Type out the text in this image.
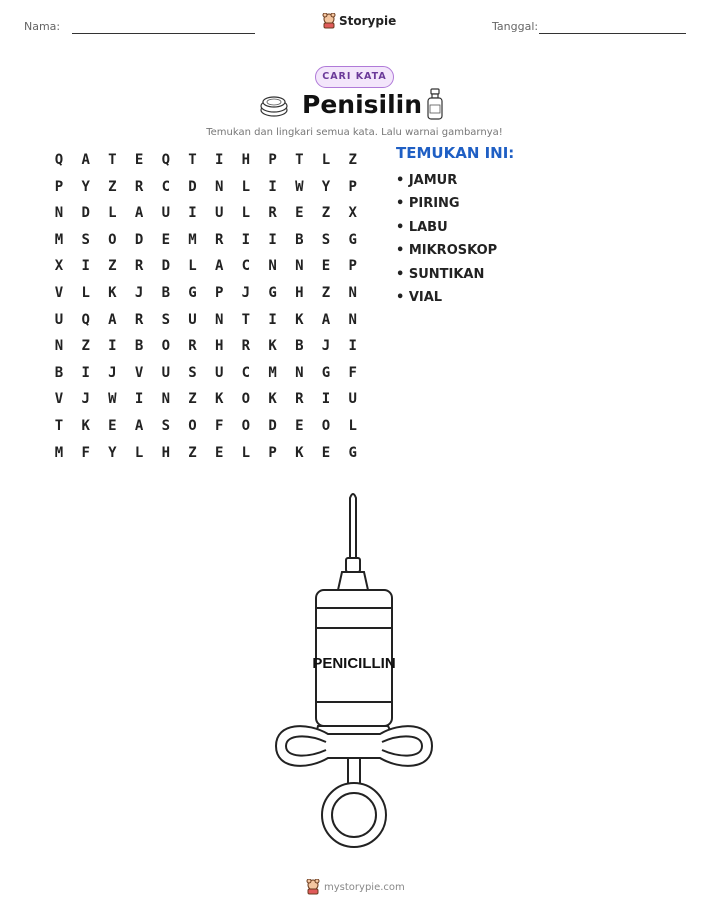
Nama:	Storypie	Tanggal:
CARI KATA
Penisilin
Temukan dan lingkari semua kata. Lalu warnai gambarnya!
Q	A	T	E	Q	T	I	H	P	T	L	Z
P	Y	Z	R	C	D	N	L	I	W	Y	P
N	D	L	A	U	I	U	L	R	E	Z	X
M	S	O	D	E	M	R	I	I	B	S	G
X	I	Z	R	D	L	A	C	N	N	E	P
V	L	K	J	B	G	P	J	G	H	Z	N
U	Q	A	R	S	U	N	T	I	K	A	N
N	Z	I	B	O	R	H	R	K	B	J	I
B	I	J	V	U	S	U	C	M	N	G	F
V	J	W	I	N	Z	K	O	K	R	I	U
T	K	E	A	S	O	F	O	D	E	O	L
M	F	Y	L	H	Z	E	L	P	K	E	G
TEMUKAN INI:
• JAMUR
• PIRING
• LABU
• MIKROSKOP
• SUNTIKAN
• VIAL
PENICILLIN
mystorypie.com
